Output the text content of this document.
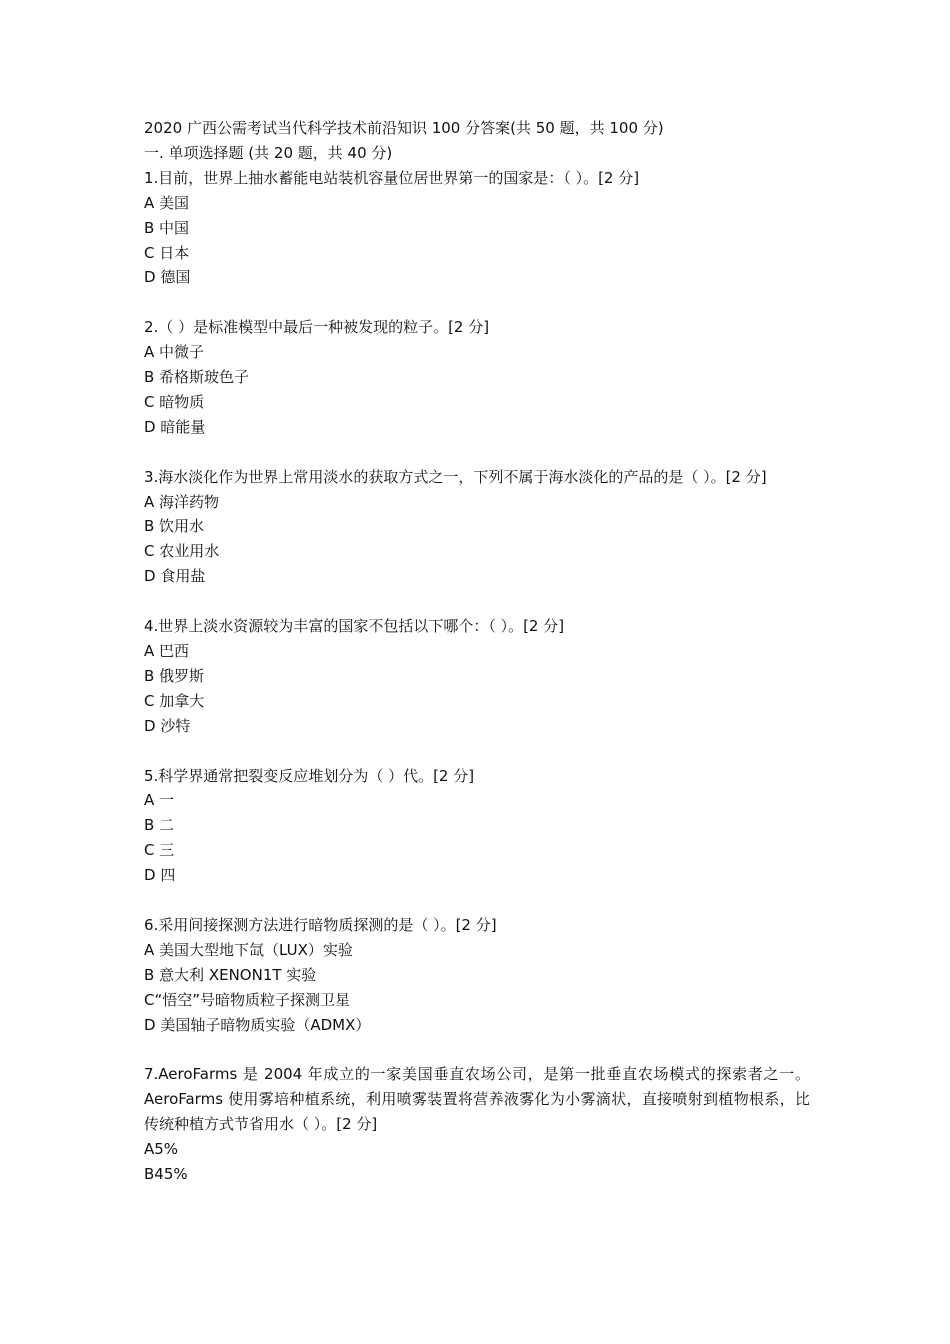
2020 广西公需考试当代科学技术前沿知识 100 分答案(共 50 题，共 100 分)
一. 单项选择题 (共 20 题，共 40 分)
1.目前，世界上抽水蓄能电站装机容量位居世界第一的国家是：（ ）。[2 分]
A 美国
B 中国
C 日本
D 德国
2.（ ）是标准模型中最后一种被发现的粒子。[2 分]
A 中微子
B 希格斯玻色子
C 暗物质
D 暗能量
3.海水淡化作为世界上常用淡水的获取方式之一，下列不属于海水淡化的产品的是（ ）。[2 分]
A 海洋药物
B 饮用水
C 农业用水
D 食用盐
4.世界上淡水资源较为丰富的国家不包括以下哪个：（ ）。[2 分]
A 巴西
B 俄罗斯
C 加拿大
D 沙特
5.科学界通常把裂变反应堆划分为（ ）代。[2 分]
A 一
B 二
C 三
D 四
6.采用间接探测方法进行暗物质探测的是（ ）。[2 分]
A 美国大型地下氙（LUX）实验
B 意大利 XENON1T 实验
C“悟空”号暗物质粒子探测卫星
D 美国轴子暗物质实验（ADMX）
7.AeroFarms 是 2004 年成立的一家美国垂直农场公司，是第一批垂直农场模式的探索者之一。AeroFarms 使用雾培种植系统，利用喷雾装置将营养液雾化为小雾滴状，直接喷射到植物根系，比传统种植方式节省用水（ ）。[2 分]
A5%
B45%
